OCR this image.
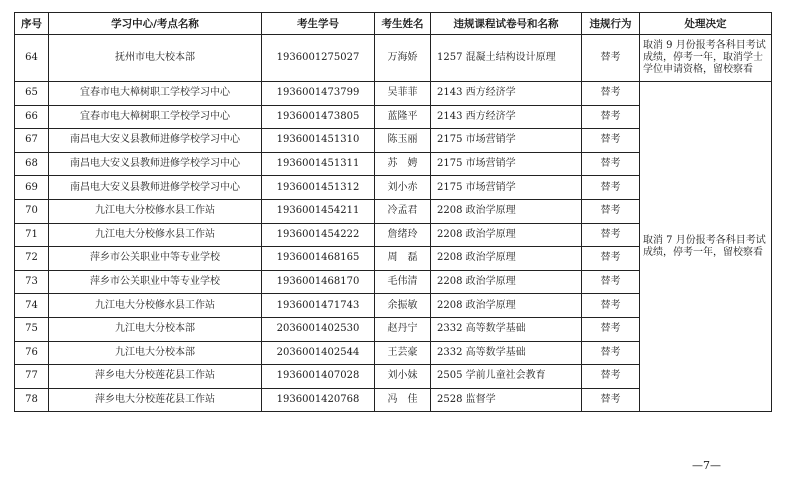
序号	学习中心/考点名称	考生学号	考生姓名	违规课程试卷号和名称	违规行为	处理决定
64	抚州市电大校本部	1936001275027	万海娇	1257 混凝土结构设计原理	替考	取消 9 月份报考各科目考试成绩，停考一年，取消学士学位申请资格，留校察看
65	宜春市电大樟树职工学校学习中心	1936001473799	吴菲菲	2143 西方经济学	替考	取消 7 月份报考各科目考试成绩，停考一年，留校察看
66	宜春市电大樟树职工学校学习中心	1936001473805	蓝隆平	2143 西方经济学	替考	
67	南昌电大安义县教师进修学校学习中心	1936001451310	陈玉丽	2175 市场营销学	替考	
68	南昌电大安义县教师进修学校学习中心	1936001451311	苏　娉	2175 市场营销学	替考	
69	南昌电大安义县教师进修学校学习中心	1936001451312	刘小赤	2175 市场营销学	替考	
70	九江电大分校修水县工作站	1936001454211	冷孟君	2208 政治学原理	替考	
71	九江电大分校修水县工作站	1936001454222	詹绪玲	2208 政治学原理	替考	
72	萍乡市公关职业中等专业学校	1936001468165	周　磊	2208 政治学原理	替考	
73	萍乡市公关职业中等专业学校	1936001468170	毛伟清	2208 政治学原理	替考	
74	九江电大分校修水县工作站	1936001471743	余振敏	2208 政治学原理	替考	
75	九江电大分校本部	2036001402530	赵丹宁	2332 高等数学基础	替考	
76	九江电大分校本部	2036001402544	王芸豪	2332 高等数学基础	替考	
77	萍乡电大分校莲花县工作站	1936001407028	刘小妹	2505 学前儿童社会教育	替考	
78	萍乡电大分校莲花县工作站	1936001420768	冯　佳	2528 监督学	替考	
—7—
